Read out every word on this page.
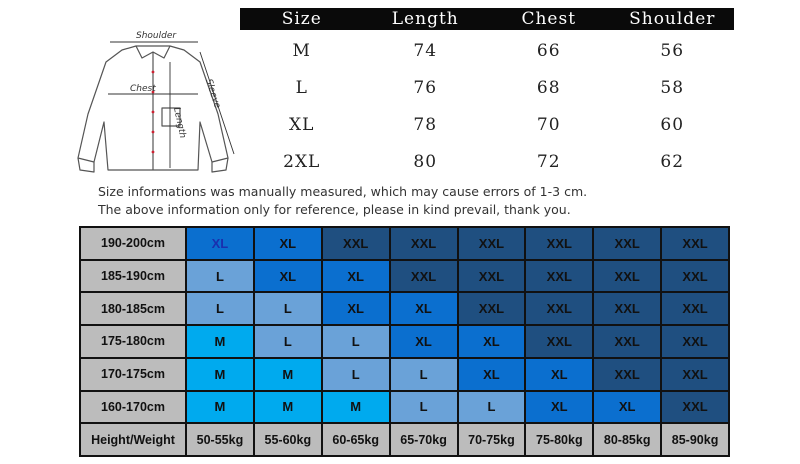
Shoulder
Chest	Sleeve
Length
Size	Length	Chest	Shoulder
M	74	66	56
L	76	68	58
XL	78	70	60
2XL	80	72	62
Size informations was manually measured, which may cause errors of 1-3 cm.
The above information only for reference, please in kind prevail, thank you.
190-200cm	XL	XL	XXL	XXL	XXL	XXL	XXL	XXL
185-190cm	L	XL	XL	XXL	XXL	XXL	XXL	XXL
180-185cm	L	L	XL	XL	XXL	XXL	XXL	XXL
175-180cm	M	L	L	XL	XL	XXL	XXL	XXL
170-175cm	M	M	L	L	XL	XL	XXL	XXL
160-170cm	M	M	M	L	L	XL	XL	XXL
Height/Weight	50-55kg	55-60kg	60-65kg	65-70kg	70-75kg	75-80kg	80-85kg	85-90kg
